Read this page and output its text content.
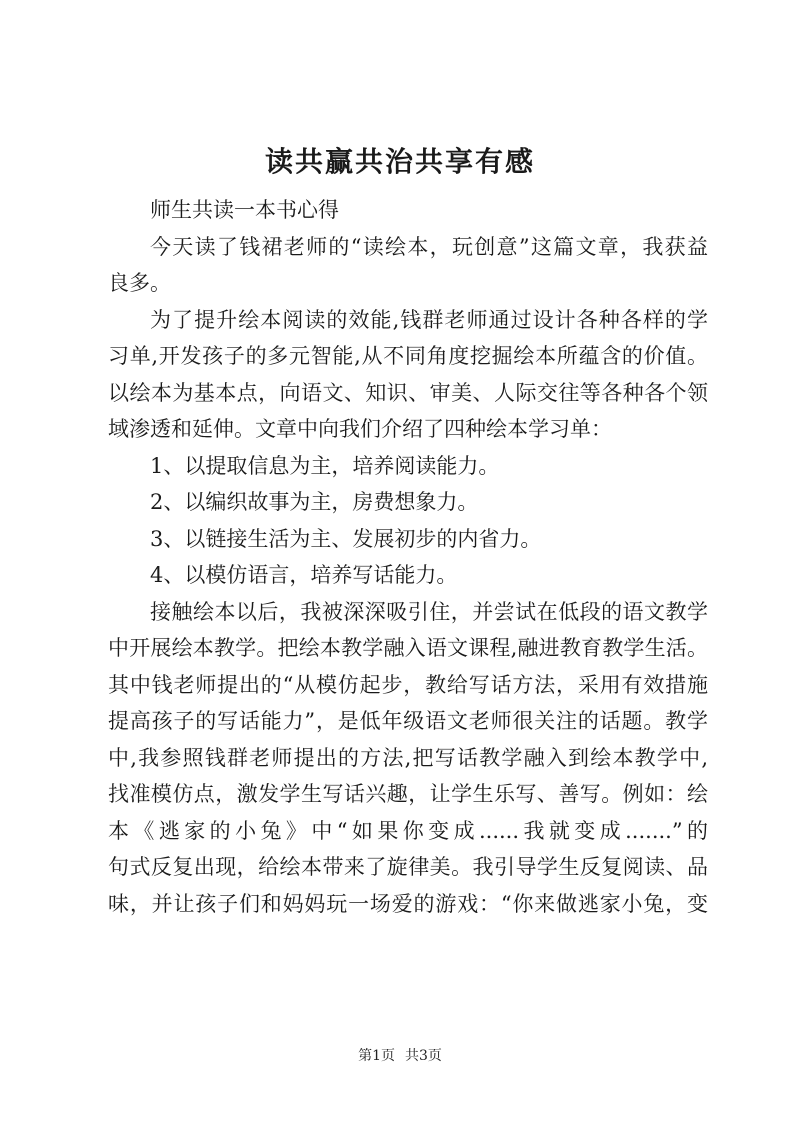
读共赢共治共享有感
师生共读一本书心得
今天读了钱裙老师的“读绘本，玩创意”这篇文章，我获益
良多。
为了提升绘本阅读的效能,钱群老师通过设计各种各样的学
习单,开发孩子的多元智能,从不同角度挖掘绘本所蕴含的价值。
以绘本为基本点，向语文、知识、审美、人际交往等各种各个领
域渗透和延伸。文章中向我们介绍了四种绘本学习单：
1、以提取信息为主，培养阅读能力。
2、以编织故事为主，房费想象力。
3、以链接生活为主、发展初步的内省力。
4、以模仿语言，培养写话能力。
接触绘本以后，我被深深吸引住，并尝试在低段的语文教学
中开展绘本教学。把绘本教学融入语文课程,融进教育教学生活。
其中钱老师提出的“从模仿起步，教给写话方法，采用有效措施
提高孩子的写话能力”，是低年级语文老师很关注的话题。教学
中,我参照钱群老师提出的方法,把写话教学融入到绘本教学中,
找准模仿点，激发学生写话兴趣，让学生乐写、善写。例如：绘
本《逃家的小兔》中“如果你变成......我就变成.......”的
句式反复出现，给绘本带来了旋律美。我引导学生反复阅读、品
味，并让孩子们和妈妈玩一场爱的游戏：“你来做逃家小兔，变
第1页 共3页
